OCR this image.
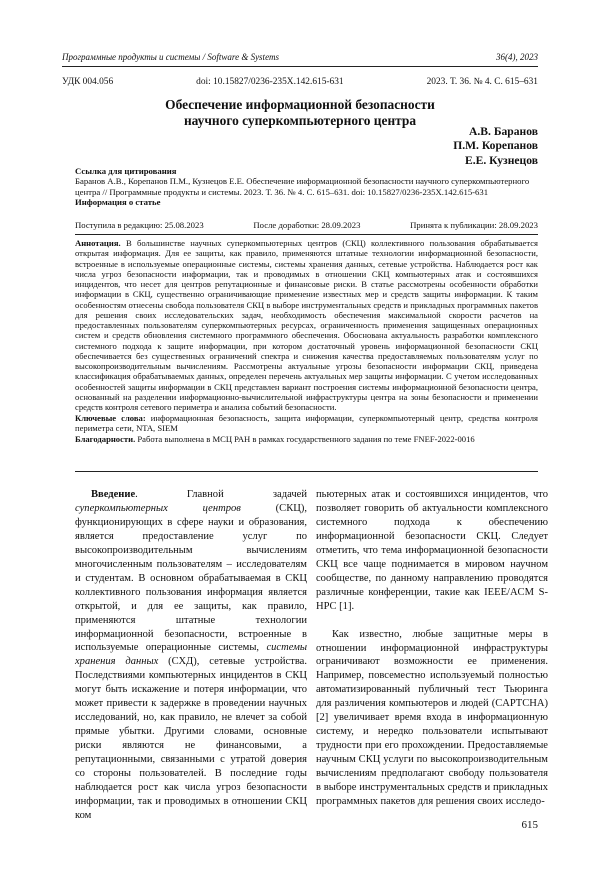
Программные продукты и системы / Software & Systems	36(4), 2023
УДК 004.056	doi: 10.15827/0236-235X.142.615-631	2023. Т. 36. № 4. С. 615–631
Обеспечение информационной безопасности
научного суперкомпьютерного центра
А.В. Баранов
П.М. Корепанов
Е.Е. Кузнецов
Ссылка для цитирования
Баранов А.В., Корепанов П.М., Кузнецов Е.Е. Обеспечение информационной безопасности научного суперкомпьютерного центра // Программные продукты и системы. 2023. Т. 36. № 4. С. 615–631. doi: 10.15827/0236-235X.142.615-631
Информация о статье
Поступила в редакцию: 25.08.2023	После доработки: 28.09.2023	Принята к публикации: 28.09.2023

Аннотация. В большинстве научных суперкомпьютерных центров (СКЦ) коллективного пользования обрабатывается открытая информация. Для ее защиты, как правило, применяются штатные технологии информационной безопасности, встроенные в используемые операционные системы, системы хранения данных, сетевые устройства. Наблюдается рост как числа угроз безопасности информации, так и проводимых в отношении СКЦ компьютерных атак и состоявшихся инцидентов, что несет для центров репутационные и финансовые риски. В статье рассмотрены особенности обработки информации в СКЦ, существенно ограничивающие применение известных мер и средств защиты информации. К таким особенностям отнесены свобода пользователя СКЦ в выборе инструментальных средств и прикладных программных пакетов для решения своих исследовательских задач, необходимость обеспечения максимальной скорости расчетов на предоставленных пользователям суперкомпьютерных ресурсах, ограниченность применения защищенных операционных систем и средств обновления системного программного обеспечения. Обоснована актуальность разработки комплексного системного подхода к защите информации, при котором достаточный уровень информационной безопасности СКЦ обеспечивается без существенных ограничений спектра и снижения качества предоставляемых пользователям услуг по высокопроизводительным вычислениям. Рассмотрены актуальные угрозы безопасности информации СКЦ, приведена классификация обрабатываемых данных, определен перечень актуальных мер защиты информации. С учетом исследованных особенностей защиты информации в СКЦ представлен вариант построения системы информационной безопасности центра, основанный на разделении информационно-вычислительной инфраструктуры центра на зоны безопасности и применении средств контроля сетевого периметра и анализа событий безопасности.

Ключевые слова: информационная безопасность, защита информации, суперкомпьютерный центр, средства контроля периметра сети, NTA, SIEM

Благодарности. Работа выполнена в МСЦ РАН в рамках государственного задания по теме FNEF-2022-0016

Введение. Главной задачей суперкомпьютерных центров (СКЦ), функционирующих в сфере науки и образования, является предоставление услуг по высокопроизводительным вычислениям многочисленным пользователям – исследователям и студентам. В основном обрабатываемая в СКЦ коллективного пользования информация является открытой, и для ее защиты, как правило, применяются штатные технологии информационной безопасности, встроенные в используемые операционные системы, системы хранения данных (СХД), сетевые устройства. Последствиями компьютерных инцидентов в СКЦ могут быть искажение и потеря информации, что может привести к задержке в проведении научных исследований, но, как правило, не влечет за собой прямые убытки. Другими словами, основные риски являются не финансовыми, а репутационными, связанными с утратой доверия со стороны пользователей. В последние годы наблюдается рост как числа угроз безопасности информации, так и проводимых в отношении СКЦ ком

пьютерных атак и состоявшихся инцидентов, что позволяет говорить об актуальности комплексного системного подхода к обеспечению информационной безопасности СКЦ. Следует отметить, что тема информационной безопасности СКЦ все чаще поднимается в мировом научном сообществе, по данному направлению проводятся различные конференции, такие как IEEE/ACM S-HPC [1].

Как известно, любые защитные меры в отношении информационной инфраструктуры ограничивают возможности ее применения. Например, повсеместно используемый полностью автоматизированный публичный тест Тьюринга для различения компьютеров и людей (CAPTCHA) [2] увеличивает время входа в информационную систему, и нередко пользователи испытывают трудности при его прохождении. Предоставляемые научным СКЦ услуги по высокопроизводительным вычислениям предполагают свободу пользователя в выборе инструментальных средств и прикладных программных пакетов для решения своих исследо-

615
